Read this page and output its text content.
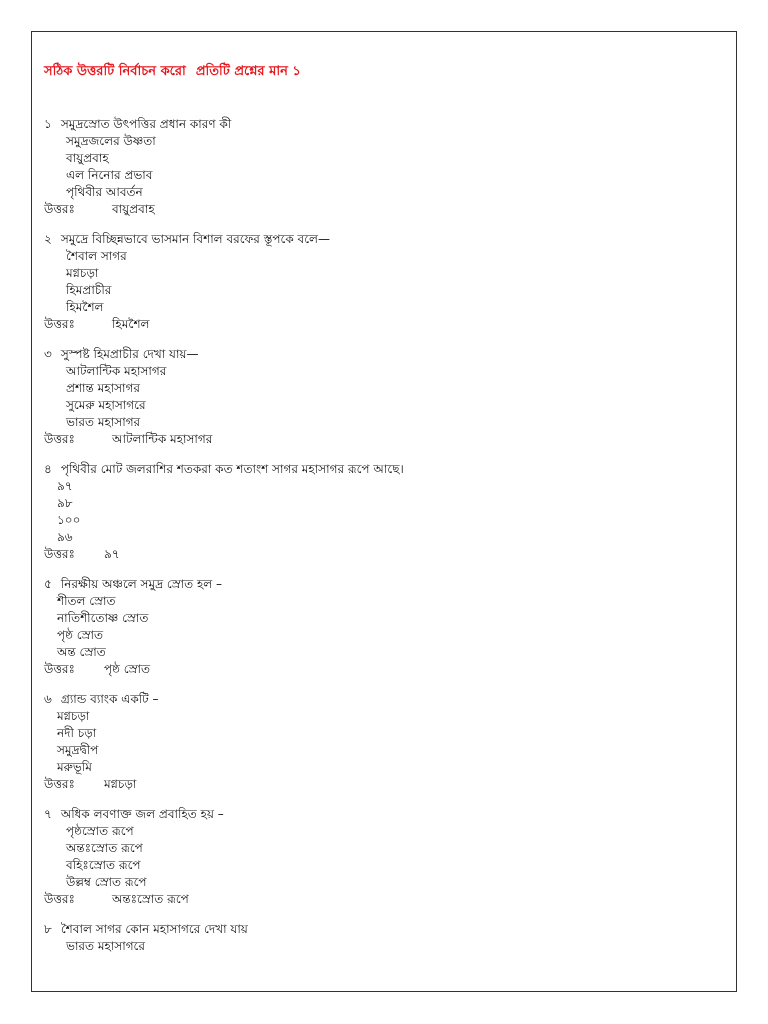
সঠিক উত্তরটি নির্বাচন করো প্রতিটি প্রশ্নের মান ১
১ সমুদ্রস্রোত উৎপত্তির প্রধান কারণ কী
সমুদ্রজলের উষ্ণতা
বায়ুপ্রবাহ
এল নিনোর প্রভাব
পৃথিবীর আবর্তন
উত্তরঃ	বায়ুপ্রবাহ
২ সমুদ্রে বিচ্ছিন্নভাবে ভাসমান বিশাল বরফের স্তূপকে বলে—
শৈবাল সাগর
মগ্নচড়া
হিমপ্রাচীর
হিমশৈল
উত্তরঃ	হিমশৈল
৩ সুস্পষ্ট হিমপ্রাচীর দেখা যায়—
আটলান্টিক মহাসাগর
প্রশান্ত মহাসাগর
সুমেরু মহাসাগরে
ভারত মহাসাগর
উত্তরঃ	আটলান্টিক মহাসাগর
৪ পৃথিবীর মোট জলরাশির শতকরা কত শতাংশ সাগর মহাসাগর রূপে আছে।
৯৭
৯৮
১০০
৯৬
উত্তরঃ ৯৭
৫ নিরক্ষীয় অঞ্চলে সমুদ্র স্রোত হল –
শীতল স্রোত
নাতিশীতোষ্ণ স্রোত
পৃষ্ঠ স্রোত
অন্ত স্রোত
উত্তরঃ পৃষ্ঠ স্রোত
৬ গ্র্যান্ড ব্যাংক একটি –
মগ্নচড়া
নদী চড়া
সমুদ্রদ্বীপ
মরুভূমি
উত্তরঃ মগ্নচড়া
৭ অধিক লবণাক্ত জল প্রবাহিত হয় –
পৃষ্ঠস্রোত রূপে
অন্তঃস্রোত রূপে
বহিঃস্রোত রূপে
উল্লম্ব স্রোত রূপে
উত্তরঃ	অন্তঃস্রোত রূপে
৮ শৈবাল সাগর কোন মহাসাগরে দেখা যায়
ভারত মহাসাগরে
